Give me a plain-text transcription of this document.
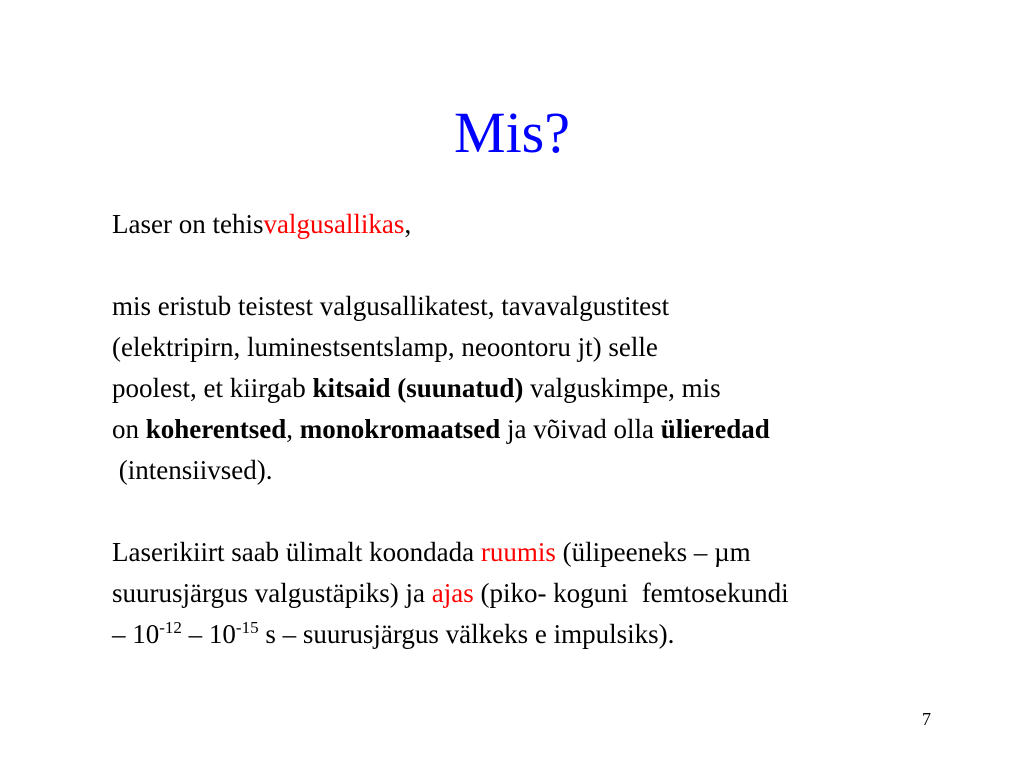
Mis?
Laser on tehisvalgusallikas,
mis eristub teistest valgusallikatest, tavavalgustitest
(elektripirn, luminestsentslamp, neoontoru jt) selle
poolest, et kiirgab kitsaid (suunatud) valguskimpe, mis
on koherentsed, monokromaatsed ja võivad olla ülieredad
(intensiivsed).
Laserikiirt saab ülimalt koondada ruumis (ülipeeneks – µm
suurusjärgus valgustäpiks) ja ajas (piko- koguni  femtosekundi
– $10^{-12} - 10^{-15}$ s – suurusjärgus välkeks e impulsiks).
7
